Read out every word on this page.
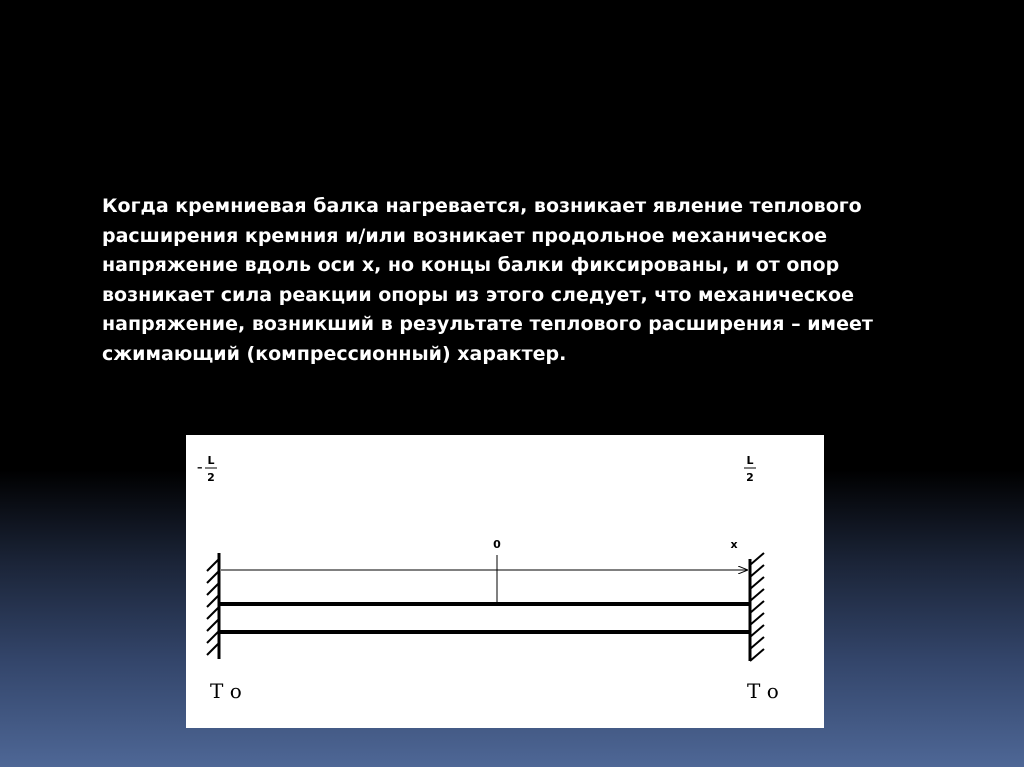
Когда кремниевая балка нагревается, возникает явление теплового
расширения кремния и/или возникает продольное механическое
напряжение вдоль оси х, но концы балки фиксированы, и от опор
возникает сила реакции опоры из этого следует, что механическое
напряжение, возникший в результате теплового расширения – имеет
сжимающий (компрессионный) характер.
–
L
2
L
2
0	x
T o	T o
